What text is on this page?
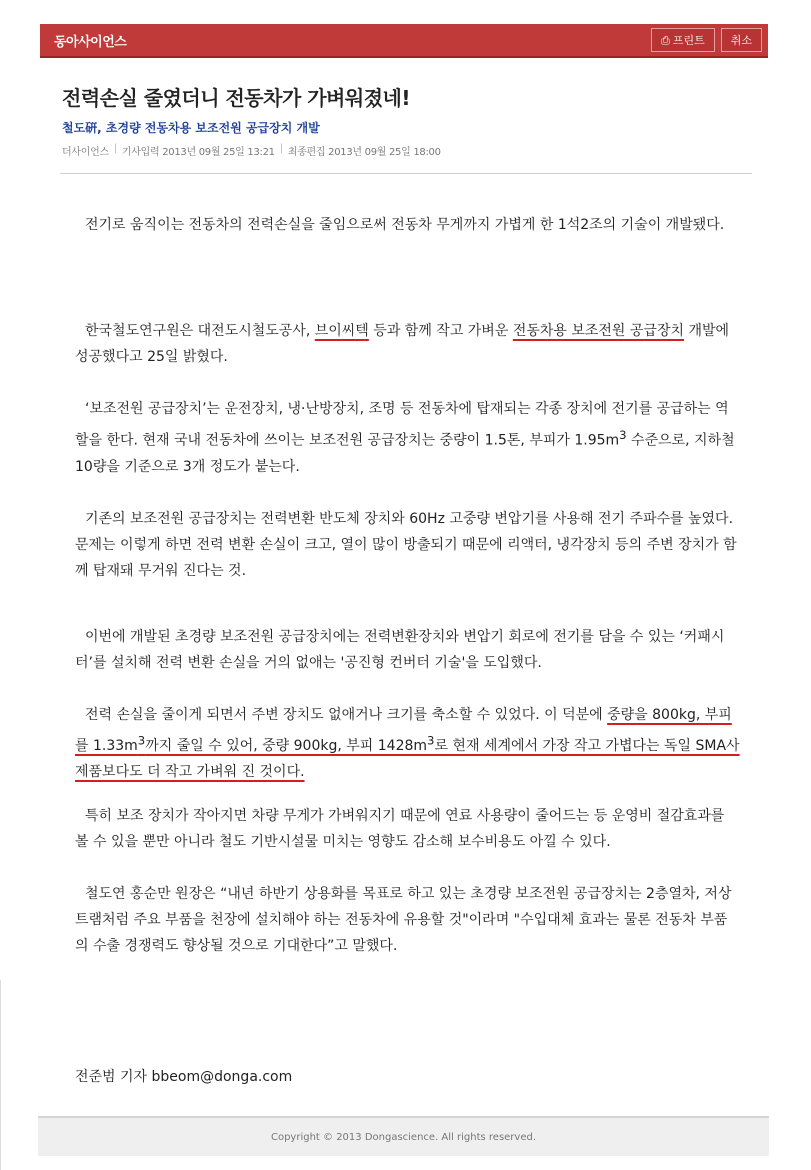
동아사이언스	⎙ 프린트 취소
전력손실 줄였더니 전동차가 가벼워졌네!
철도硏, 초경량 전동차용 보조전원 공급장치 개발
더사이언스 | 기사입력 2013년 09월 25일 13:21 | 최종편집 2013년 09월 25일 18:00

전기로 움직이는 전동차의 전력손실을 줄임으로써 전동차 무게까지 가볍게 한 1석2조의 기술이 개발됐다.

한국철도연구원은 대전도시철도공사, 브이씨텍 등과 함께 작고 가벼운 전동차용 보조전원 공급장치 개발에 성공했다고 25일 밝혔다.

‘보조전원 공급장치’는 운전장치, 냉·난방장치, 조명 등 전동차에 탑재되는 각종 장치에 전기를 공급하는 역할을 한다. 현재 국내 전동차에 쓰이는 보조전원 공급장치는 중량이 1.5톤, 부피가 $1.95m^3$ 수준으로, 지하철 10량을 기준으로 3개 정도가 붙는다.

기존의 보조전원 공급장치는 전력변환 반도체 장치와 60Hz 고중량 변압기를 사용해 전기 주파수를 높였다. 문제는 이렇게 하면 전력 변환 손실이 크고, 열이 많이 방출되기 때문에 리액터, 냉각장치 등의 주변 장치가 함께 탑재돼 무거워 진다는 것.

이번에 개발된 초경량 보조전원 공급장치에는 전력변환장치와 변압기 회로에 전기를 담을 수 있는 ‘커패시터’를 설치해 전력 변환 손실을 거의 없애는 '공진형 컨버터 기술'을 도입했다.

전력 손실을 줄이게 되면서 주변 장치도 없애거나 크기를 축소할 수 있었다. 이 덕분에 중량을 800kg, 부피를 $1.33m^3$까지 줄일 수 있어, 중량 900kg, 부피 $1428m^3$로 현재 세계에서 가장 작고 가볍다는 독일 SMA사 제품보다도 더 작고 가벼워 진 것이다.

특히 보조 장치가 작아지면 차량 무게가 가벼워지기 때문에 연료 사용량이 줄어드는 등 운영비 절감효과를 볼 수 있을 뿐만 아니라 철도 기반시설물 미치는 영향도 감소해 보수비용도 아낄 수 있다.

철도연 홍순만 원장은 “내년 하반기 상용화를 목표로 하고 있는 초경량 보조전원 공급장치는 2층열차, 저상트램처럼 주요 부품을 천장에 설치해야 하는 전동차에 유용할 것"이라며 "수입대체 효과는 물론 전동차 부품의 수출 경쟁력도 향상될 것으로 기대한다”고 말했다.

전준범 기자 bbeom@donga.com
Copyright © 2013 Dongascience. All rights reserved.
